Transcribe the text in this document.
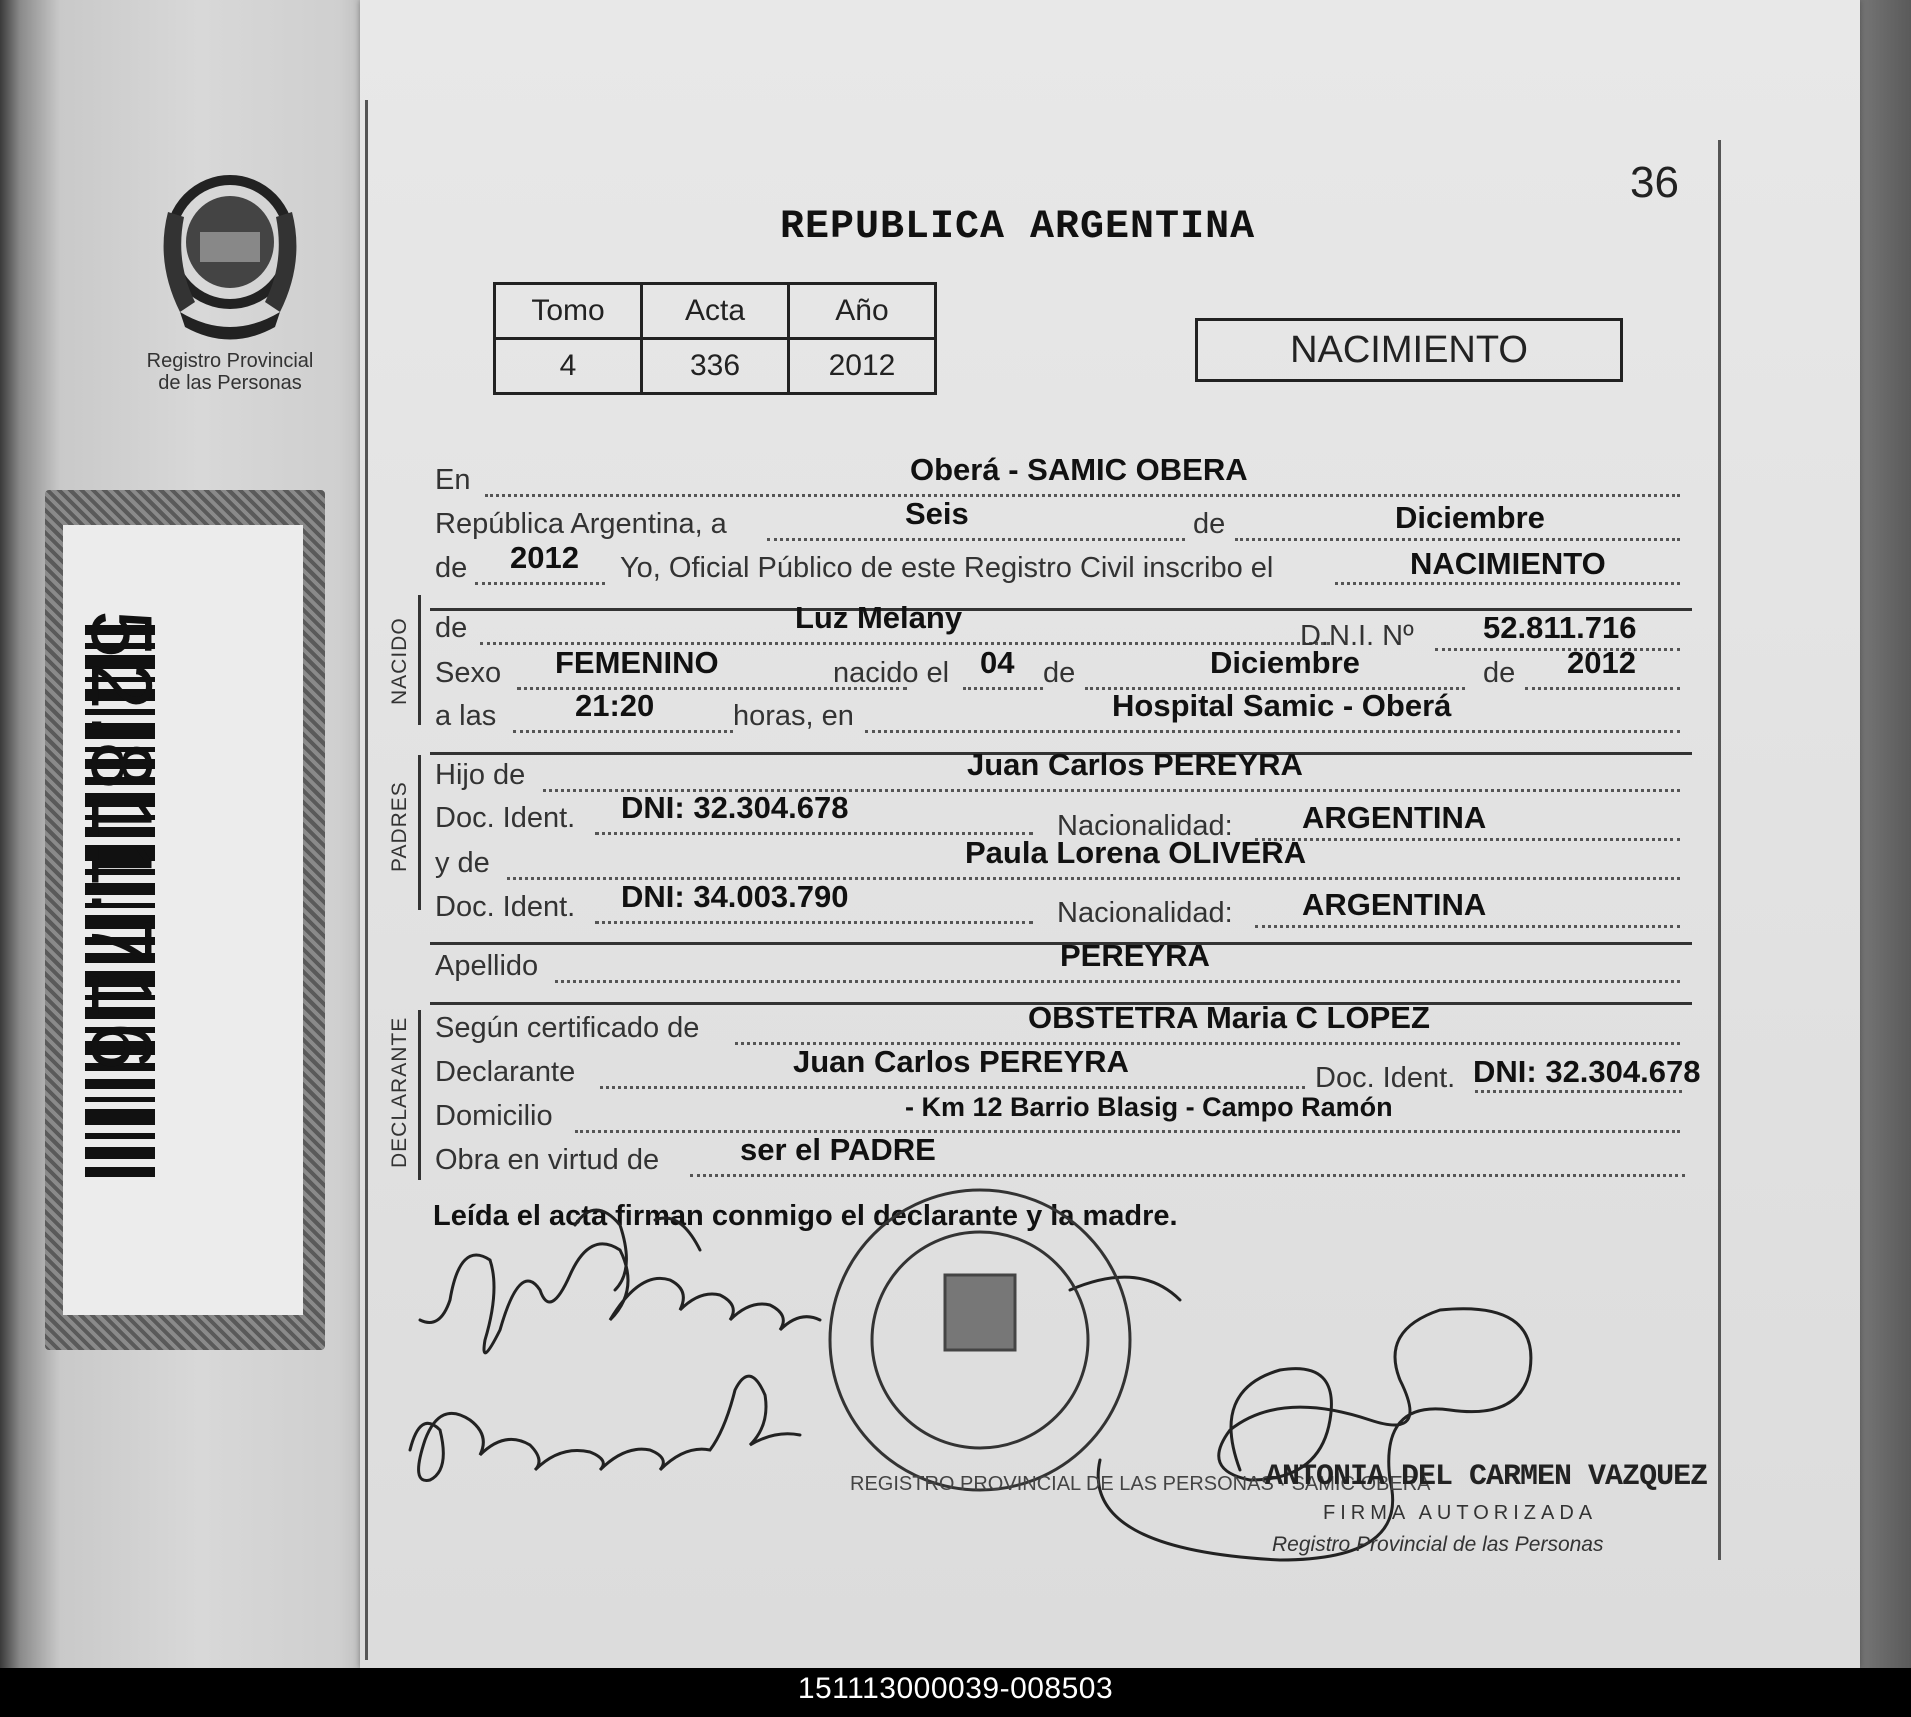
Registro Provincial
de las Personas
52.811.716
36
REPUBLICA ARGENTINA
Tomo	Acta	Año
4	336	2012	NACIMIENTO
En	Oberá - SAMIC OBERA
República Argentina, a	Seis	de	Diciembre
de 2012 Yo, Oficial Público de este Registro Civil inscribo el	NACIMIENTO
NACIDO de	Luz Melany
D.N.I. Nº 52.811.716
Sexo FEMENINO	nacido el 04 de	Diciembre	de 2012
a las	21:20	horas, en	Hospital Samic - Oberá
PADRES
Hijo de	Juan Carlos PEREYRA
Doc. Ident. DNI: 32.304.678
Nacionalidad: ARGENTINA
y de	Paula Lorena OLIVERA
Doc. Ident. DNI: 34.003.790	Nacionalidad: ARGENTINA
Apellido	PEREYRA
DECLARANTE Según certificado de	OBSTETRA Maria C LOPEZ
Declarante	Juan Carlos PEREYRA	Doc. Ident. DNI: 32.304.678
Domicilio	- Km 12 Barrio Blasig - Campo Ramón
Obra en virtud de	ser el PADRE
Leída el acta firman conmigo el declarante y la madre.
REGISTRO PROVINCIAL DE LAS PERSONAS · SAMIC OBERA
ANTONIA DEL CARMEN VAZQUEZ
FIRMA AUTORIZADA
Registro Provincial de las Personas
151113000039-008503
